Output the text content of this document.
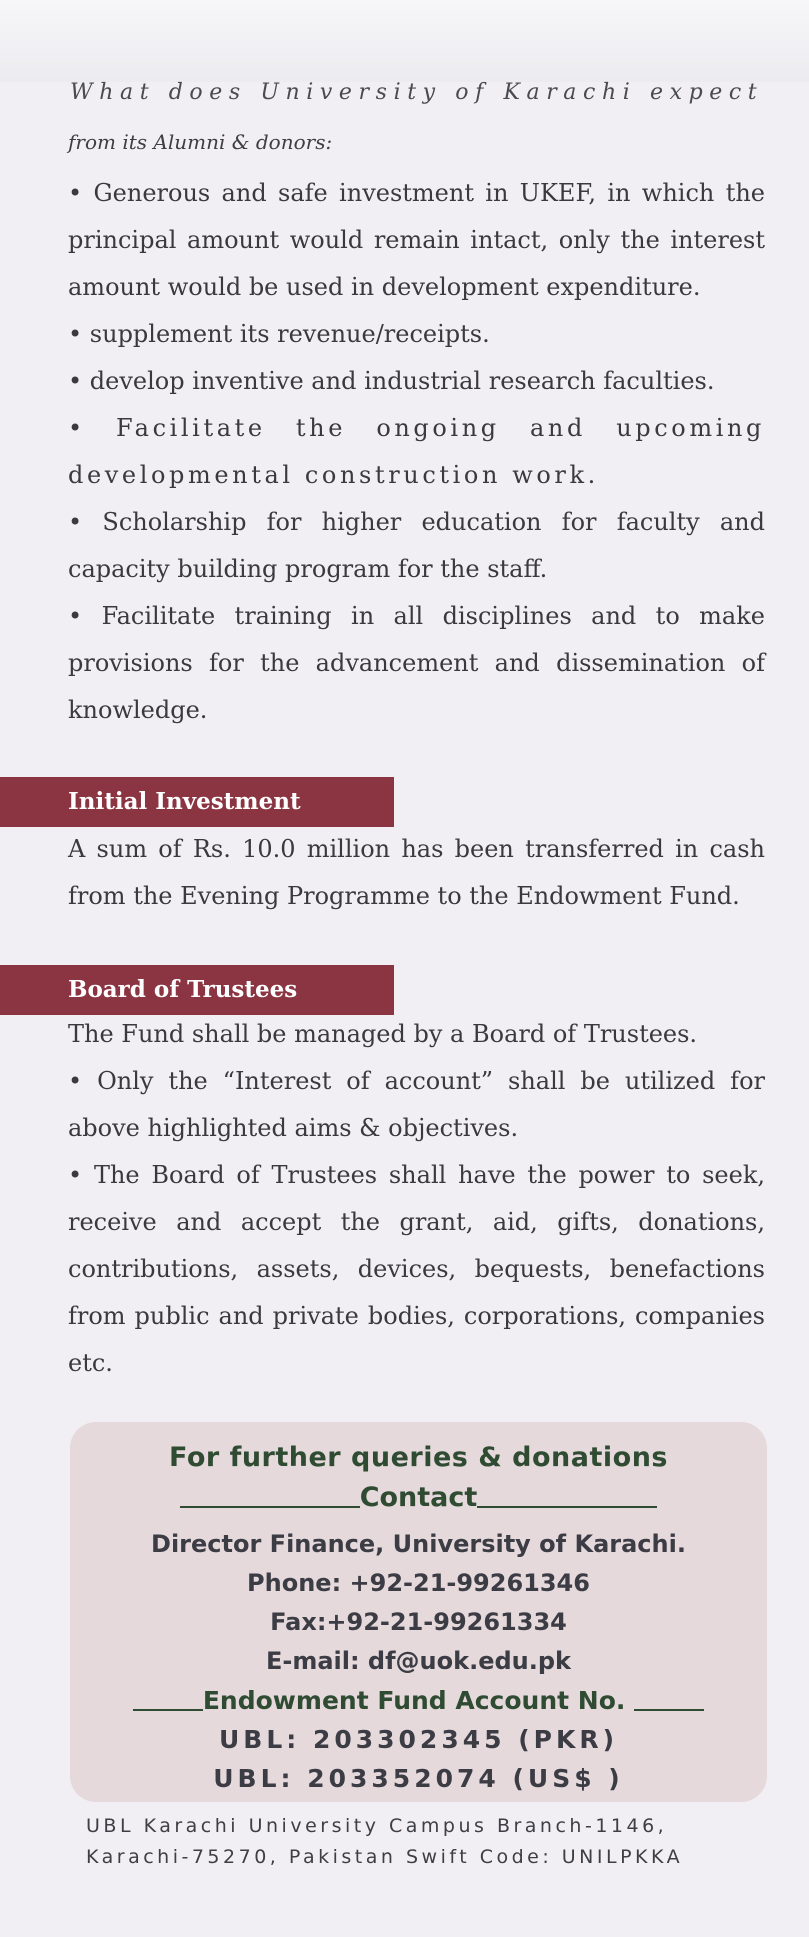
What does University of Karachi expect
from its Alumni & donors:

• Generous and safe investment in UKEF, in which the principal amount would remain intact, only the interest amount would be used in development expenditure.

• supplement its revenue/receipts.

• develop inventive and industrial research faculties.

• Facilitate the ongoing and upcoming developmental construction work.

• Scholarship for higher education for faculty and capacity building program for the staff.

• Facilitate training in all disciplines and to make provisions for the advancement and dissemination of knowledge.

Initial Investment

A sum of Rs. 10.0 million has been transferred in cash from the Evening Programme to the Endowment Fund.

Board of Trustees

The Fund shall be managed by a Board of Trustees.

• Only the “Interest of account” shall be utilized for above highlighted aims & objectives.

• The Board of Trustees shall have the power to seek, receive and accept the grant, aid, gifts, donations, contributions, assets, devices, bequests, benefactions from public and private bodies, corporations, companies etc.

For further queries & donations
Contact
Director Finance, University of Karachi.
Phone: +92-21-99261346
Fax:+92-21-99261334
E-mail: df@uok.edu.pk
Endowment Fund Account No.
UBL: 203302345 (PKR)
UBL: 203352074 (US$ )
UBL Karachi University Campus Branch-1146,
Karachi-75270, Pakistan Swift Code: UNILPKKA
